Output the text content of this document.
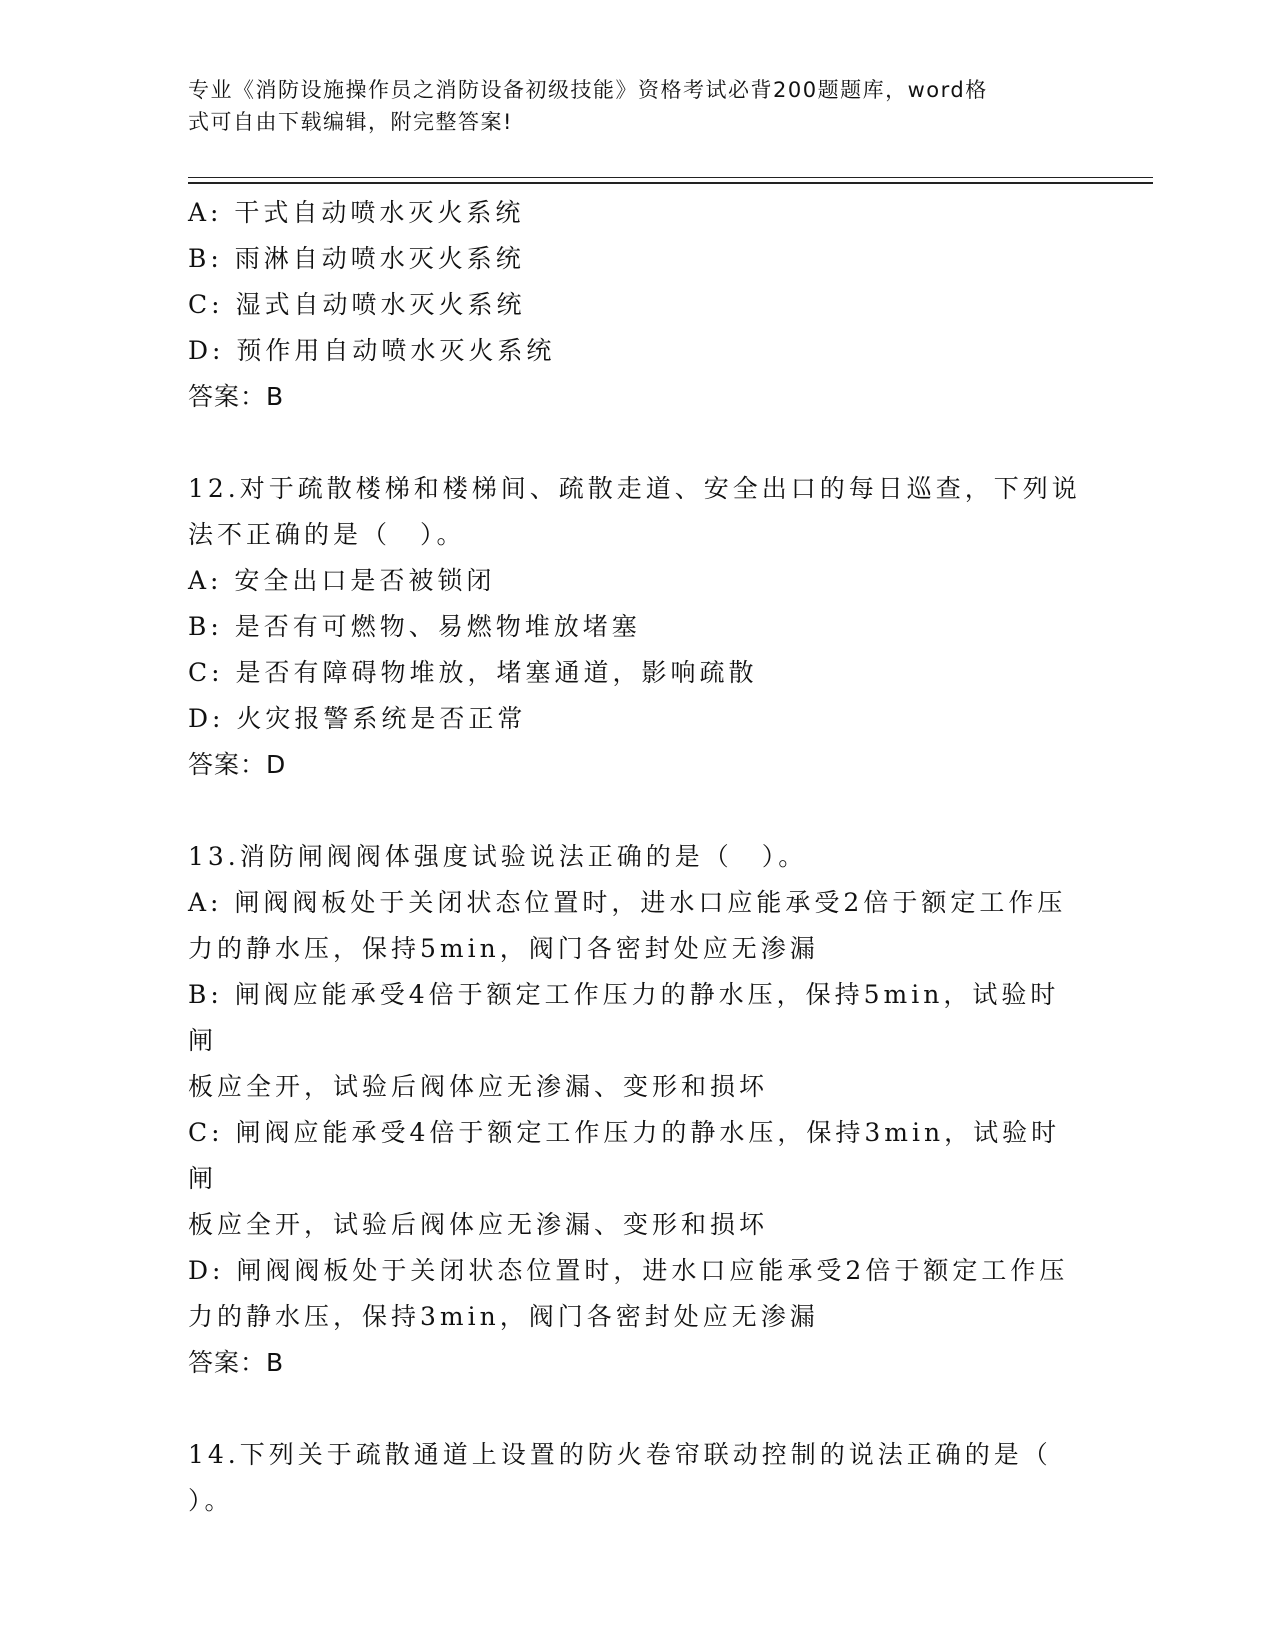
专业《消防设施操作员之消防设备初级技能》资格考试必背200题题库，word格
式可自由下载编辑，附完整答案!

A: 干式自动喷水灭火系统

B: 雨淋自动喷水灭火系统

C: 湿式自动喷水灭火系统

D: 预作用自动喷水灭火系统

答案：B

12.对于疏散楼梯和楼梯间、疏散走道、安全出口的每日巡查，下列说

法不正确的是（　）。

A: 安全出口是否被锁闭

B: 是否有可燃物、易燃物堆放堵塞

C: 是否有障碍物堆放，堵塞通道，影响疏散

D: 火灾报警系统是否正常

答案：D

13.消防闸阀阀体强度试验说法正确的是（　）。

A: 闸阀阀板处于关闭状态位置时，进水口应能承受2倍于额定工作压

力的静水压，保持5min，阀门各密封处应无渗漏

B: 闸阀应能承受4倍于额定工作压力的静水压，保持5min，试验时闸

板应全开，试验后阀体应无渗漏、变形和损坏

C: 闸阀应能承受4倍于额定工作压力的静水压，保持3min，试验时闸

板应全开，试验后阀体应无渗漏、变形和损坏

D: 闸阀阀板处于关闭状态位置时，进水口应能承受2倍于额定工作压

力的静水压，保持3min，阀门各密封处应无渗漏

答案：B

14.下列关于疏散通道上设置的防火卷帘联动控制的说法正确的是（

）。
